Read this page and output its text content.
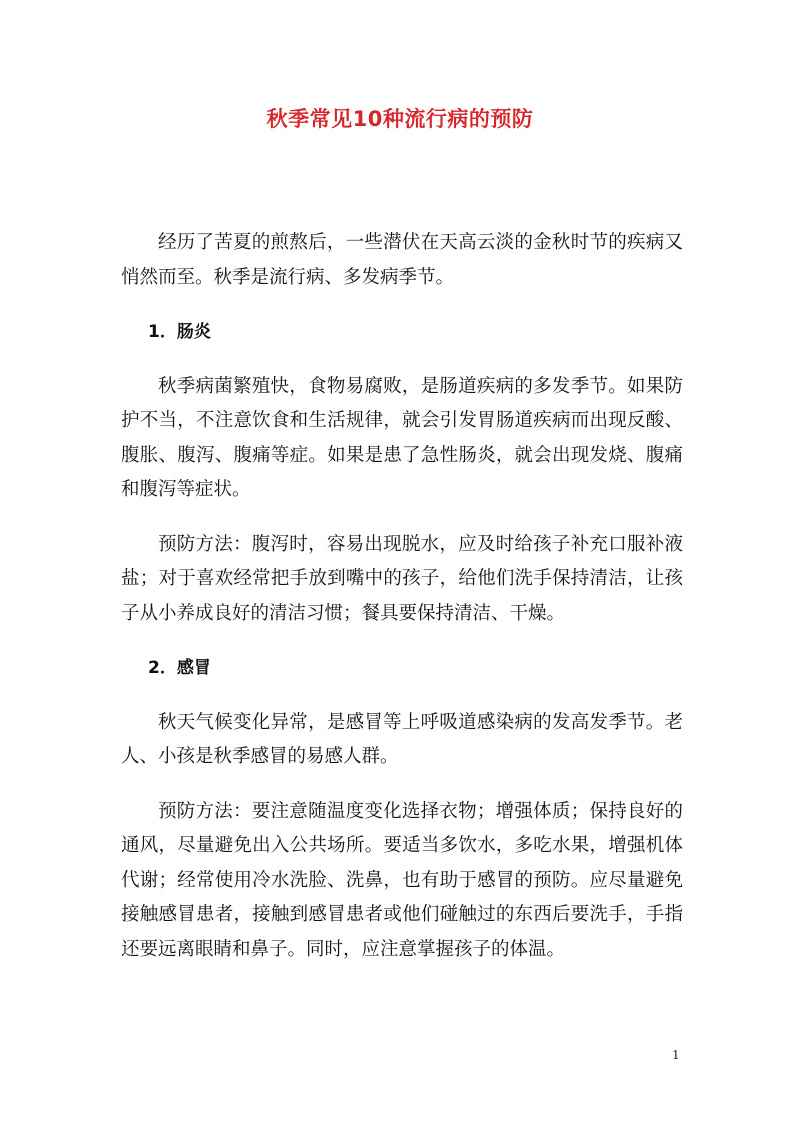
秋季常见10种流行病的预防

经历了苦夏的煎熬后，一些潜伏在天高云淡的金秋时节的疾病又悄然而至。秋季是流行病、多发病季节。

1．肠炎

秋季病菌繁殖快，食物易腐败，是肠道疾病的多发季节。如果防护不当，不注意饮食和生活规律，就会引发胃肠道疾病而出现反酸、腹胀、腹泻、腹痛等症。如果是患了急性肠炎，就会出现发烧、腹痛和腹泻等症状。

预防方法：腹泻时，容易出现脱水，应及时给孩子补充口服补液盐；对于喜欢经常把手放到嘴中的孩子，给他们洗手保持清洁，让孩子从小养成良好的清洁习惯；餐具要保持清洁、干燥。

2．感冒

秋天气候变化异常，是感冒等上呼吸道感染病的发高发季节。老人、小孩是秋季感冒的易感人群。

预防方法：要注意随温度变化选择衣物；增强体质；保持良好的通风，尽量避免出入公共场所。要适当多饮水，多吃水果，增强机体代谢；经常使用冷水洗脸、洗鼻，也有助于感冒的预防。应尽量避免接触感冒患者，接触到感冒患者或他们碰触过的东西后要洗手，手指还要远离眼睛和鼻子。同时，应注意掌握孩子的体温。

1
